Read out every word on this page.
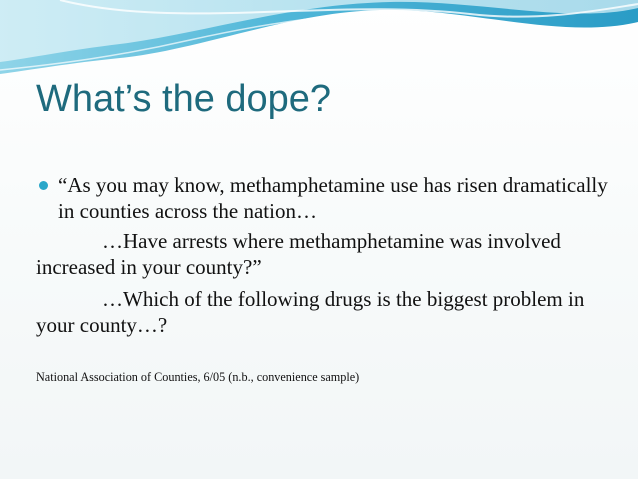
What’s the dope?
“As you may know, methamphetamine use has risen dramatically in counties across the nation…

…Have arrests where methamphetamine was involved increased in your county?”

…Which of the following drugs is the biggest problem in your county…?

National Association of Counties, 6/05 (n.b., convenience sample)
